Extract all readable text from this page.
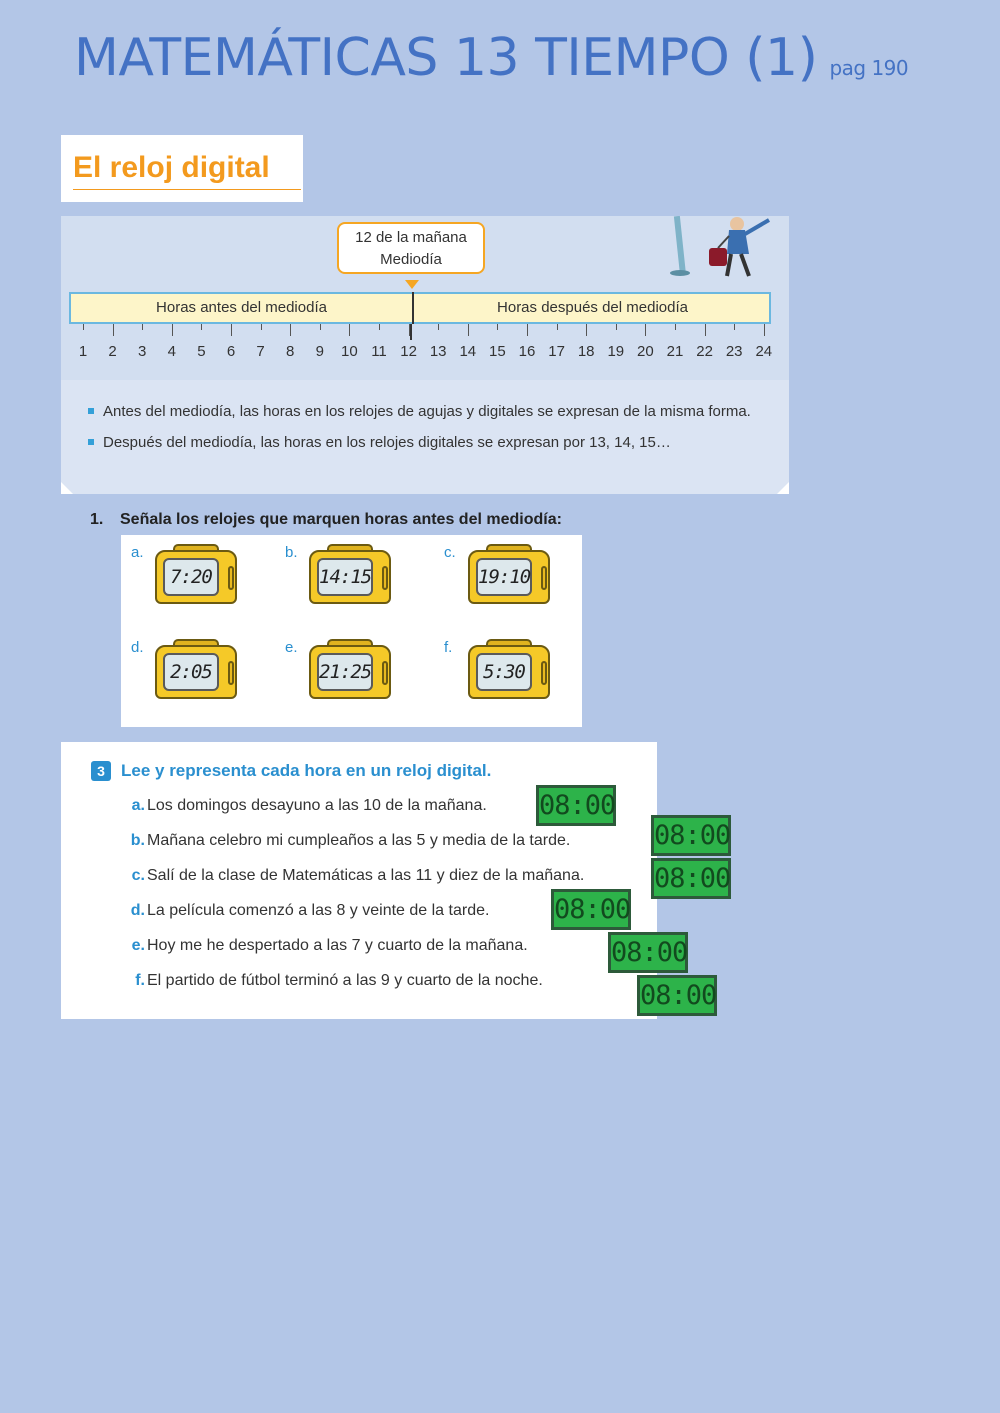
MATEMÁTICAS 13 TIEMPO (1) pag 190
El reloj digital
12 de la mañana
Mediodía
Horas antes del mediodía	Horas después del mediodía
1	2	3	4	5	6	7	8	9	10 11 12 13 14 15 16 17 18 19 20 21 22 23 24
Antes del mediodía, las horas en los relojes de agujas y digitales se expresan de la misma forma.
Después del mediodía, las horas en los relojes digitales se expresan por 13, 14, 15…
1. Señala los relojes que marquen horas antes del mediodía:
a.
7:20
b.
14:15
c.
19:10
d.
2:05
e.
21:25
f.
5:30
3 Lee y representa cada hora en un reloj digital.
a. Los domingos desayuno a las 10 de la mañana.
b. Mañana celebro mi cumpleaños a las 5 y media de la tarde.
c. Salí de la clase de Matemáticas a las 11 y diez de la mañana.
d. La película comenzó a las 8 y veinte de la tarde.
e. Hoy me he despertado a las 7 y cuarto de la mañana.
f. El partido de fútbol terminó a las 9 y cuarto de la noche.
08:00
08:00
08:00
08:00
08:00
08:00
